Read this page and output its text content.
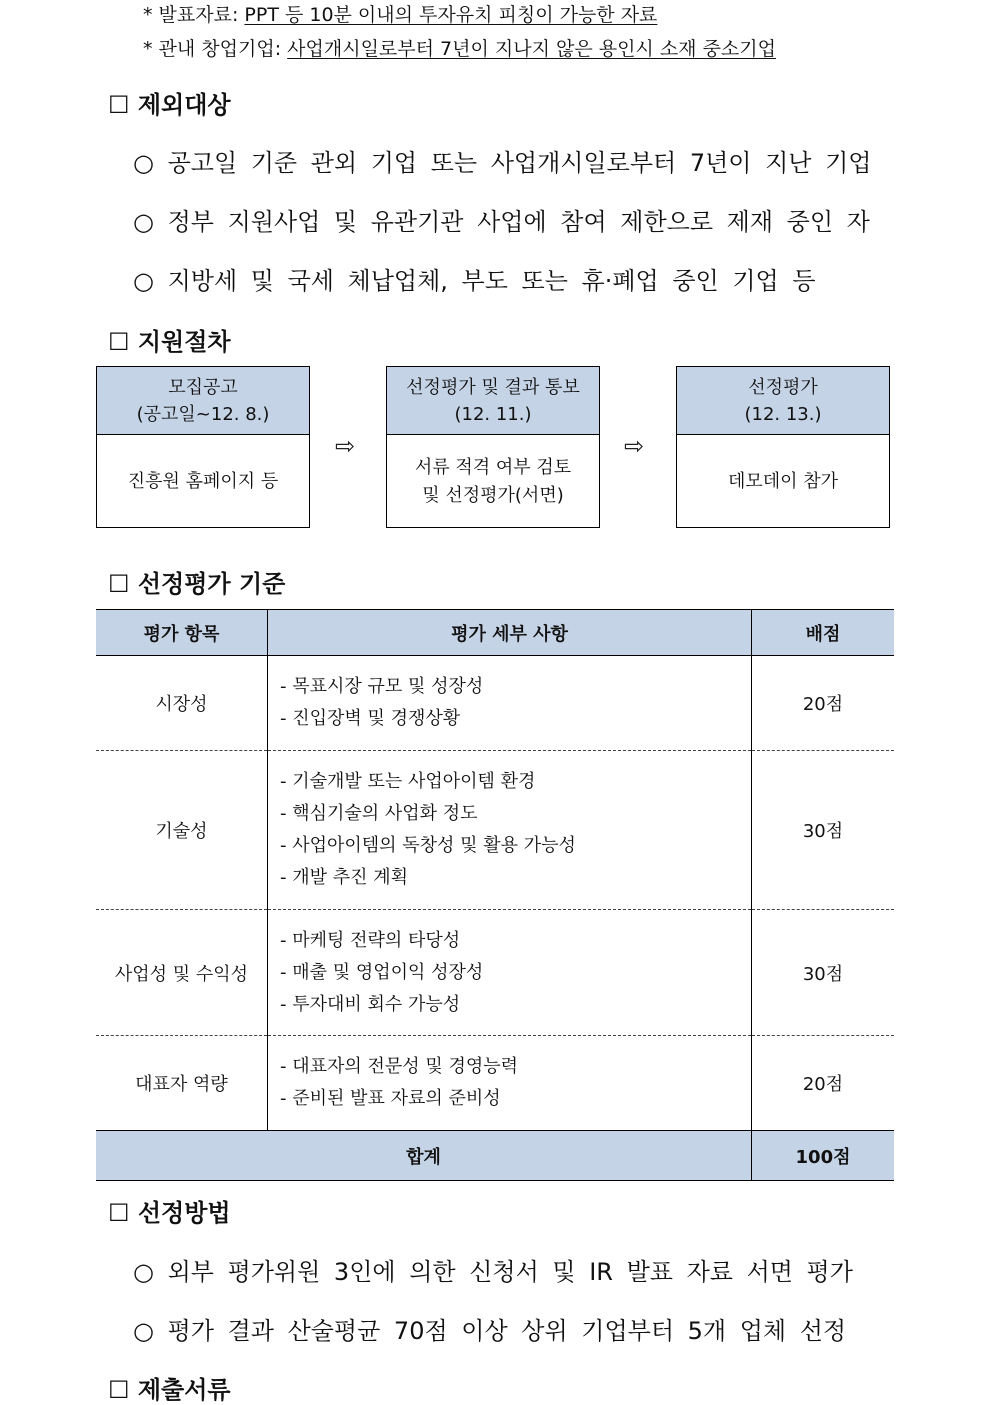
* 발표자료: PPT 등 10분 이내의 투자유치 피칭이 가능한 자료
* 관내 창업기업: 사업개시일로부터 7년이 지나지 않은 용인시 소재 중소기업
☐ 제외대상
○ 공고일 기준 관외 기업 또는 사업개시일로부터 7년이 지난 기업
○ 정부 지원사업 및 유관기관 사업에 참여 제한으로 제재 중인 자
○ 지방세 및 국세 체납업체, 부도 또는 휴·폐업 중인 기업 등
☐ 지원절차
모집공고
(공고일~12. 8.)
진흥원 홈페이지 등
⇨
선정평가 및 결과 통보
(12. 11.)
서류 적격 여부 검토
및 선정평가(서면)
⇨
선정평가
(12. 13.)
데모데이 참가
☐ 선정평가 기준
평가 항목	평가 세부 사항	배점
시장성	- 목표시장 규모 및 성장성
- 진입장벽 및 경쟁상황	20점
기술성	- 기술개발 또는 사업아이템 환경
- 핵심기술의 사업화 정도
- 사업아이템의 독창성 및 활용 가능성
- 개발 추진 계획	30점
사업성 및 수익성	- 마케팅 전략의 타당성
- 매출 및 영업이익 성장성
- 투자대비 회수 가능성	30점
대표자 역량	- 대표자의 전문성 및 경영능력
- 준비된 발표 자료의 준비성	20점
합계		100점
☐ 선정방법
○ 외부 평가위원 3인에 의한 신청서 및 IR 발표 자료 서면 평가
○ 평가 결과 산술평균 70점 이상 상위 기업부터 5개 업체 선정
☐ 제출서류
